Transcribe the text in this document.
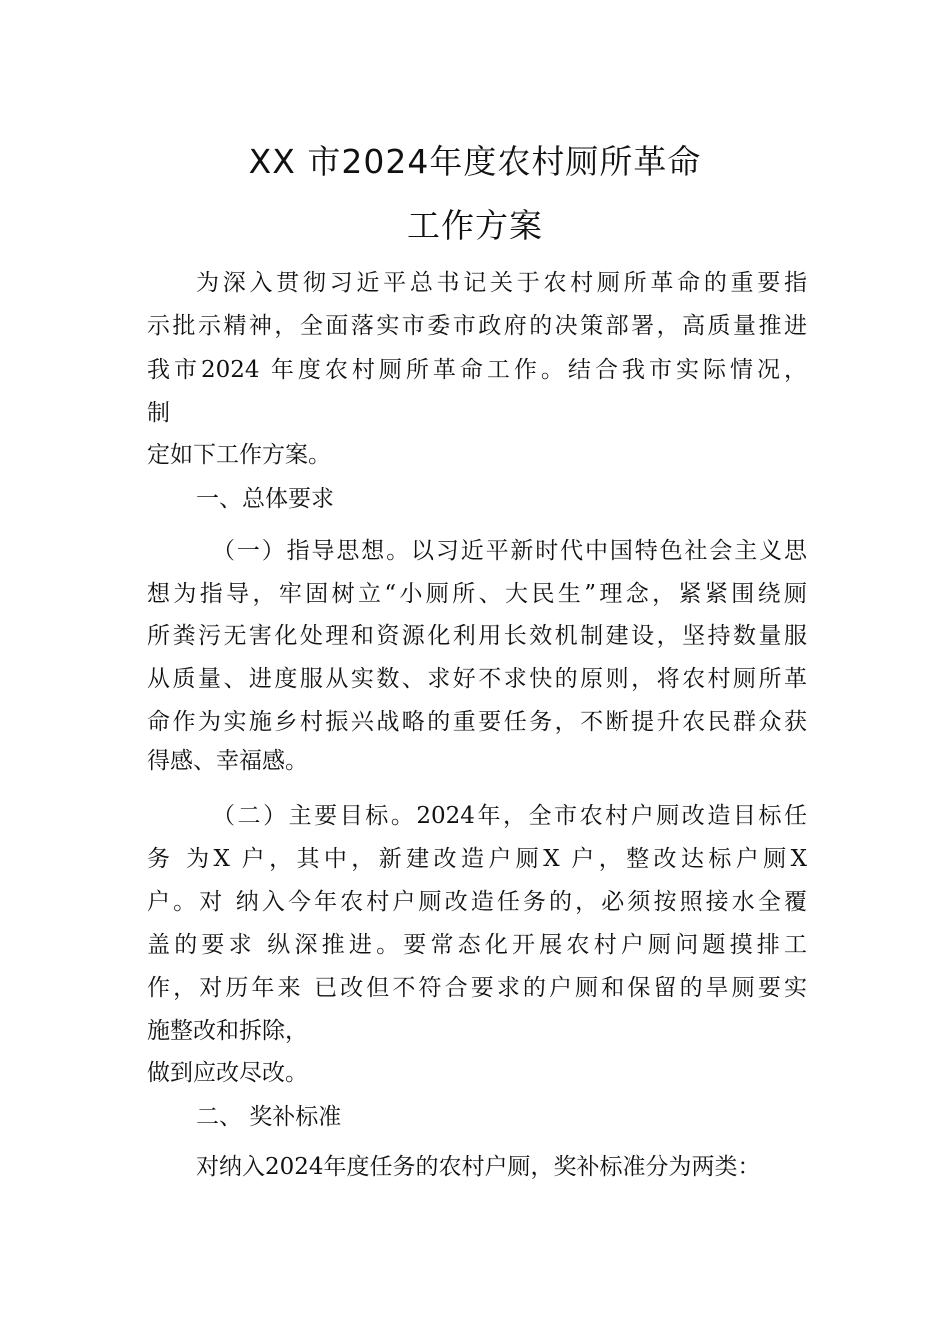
XX 市2024年度农村厕所革命
工作方案
为深入贯彻习近平总书记关于农村厕所革命的重要指
示批示精神，全面落实市委市政府的决策部署，高质量推进
我市2024 年度农村厕所革命工作。结合我市实际情况，
制
定如下工作方案。
一、总体要求
（一）指导思想。以习近平新时代中国特色社会主义思
想为指导，牢固树立“小厕所、大民生”理念，紧紧围绕厕
所粪污无害化处理和资源化利用长效机制建设，坚持数量服
从质量、进度服从实数、求好不求快的原则，将农村厕所革
命作为实施乡村振兴战略的重要任务，不断提升农民群众获
得感、幸福感。
（二）主要目标。2024年，全市农村户厕改造目标任
务 为X 户，其中，新建改造户厕X 户，整改达标户厕X
户。对 纳入今年农村户厕改造任务的，必须按照接水全覆
盖的要求 纵深推进。要常态化开展农村户厕问题摸排工
作，对历年来 已改但不符合要求的户厕和保留的旱厕要实
施整改和拆除，
做到应改尽改。
二、 奖补标准
对纳入2024年度任务的农村户厕，奖补标准分为两类：
